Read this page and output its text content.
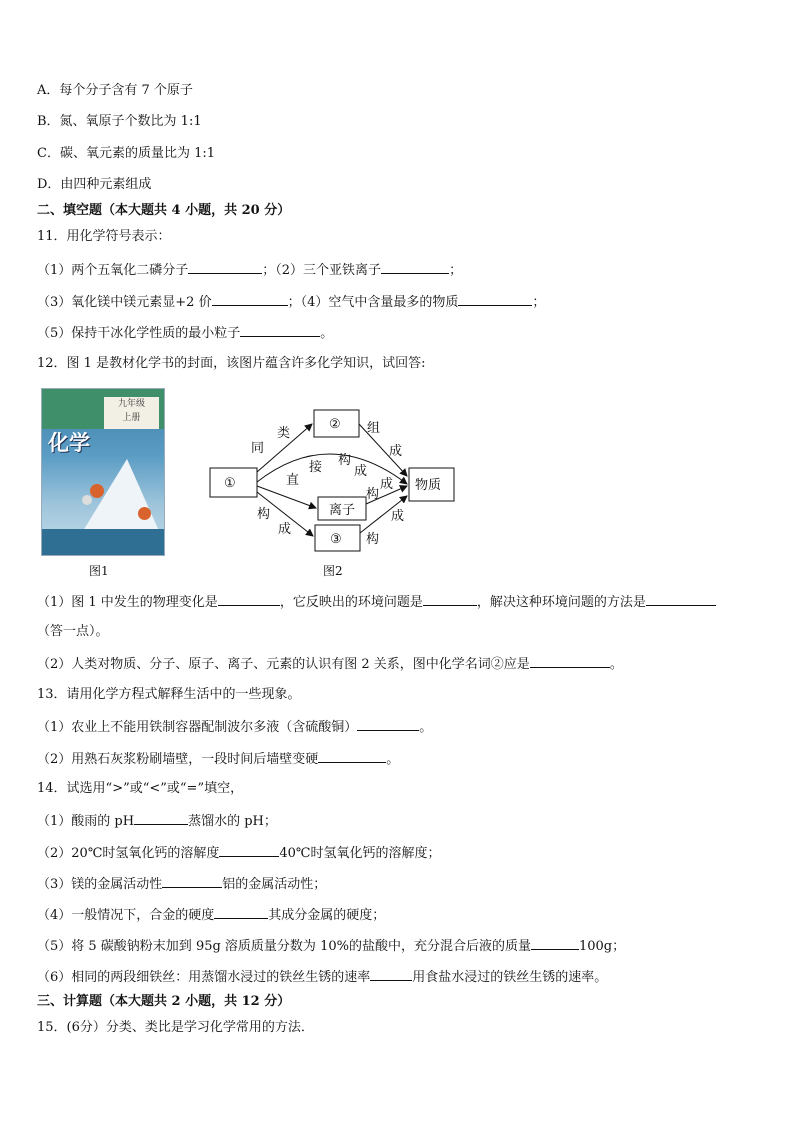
A．每个分子含有 7 个原子
B．氮、氧原子个数比为 1:1
C．碳、氧元素的质量比为 1:1
D．由四种元素组成
二、填空题（本大题共 4 小题，共 20 分）
11．用化学符号表示：
（1）两个五氧化二磷分子	；（2）三个亚铁离子	；
（3）氧化镁中镁元素显+2 价	；（4）空气中含量最多的物质	；
（5）保持干冰化学性质的最小粒子	。
12．图 1 是教材化学书的封面，该图片蕴含许多化学知识，试回答:
九年级
上册
化学
图1
①
②
离子
③
物质
同
类	组
成
直
接 构
成
构
成
构
成
成
构
图2
（1）图 1 中发生的物理变化是	，它反映出的环境问题是	，解决这种环境问题的方法是
（答一点）。
（2）人类对物质、分子、原子、离子、元素的认识有图 2 关系，图中化学名词②应是	。
13．请用化学方程式解释生活中的一些现象。
（1）农业上不能用铁制容器配制波尔多液（含硫酸铜）	。
（2）用熟石灰浆粉刷墙壁，一段时间后墙壁变硬	。
14．试选用“>”或“<”或“=”填空，
（1）酸雨的 pH	蒸馏水的 pH；
（2）20℃时氢氧化钙的溶解度	40℃时氢氧化钙的溶解度；
（3）镁的金属活动性	铝的金属活动性；
（4）一般情况下，合金的硬度	其成分金属的硬度；
（5）将 5 碳酸钠粉末加到 95g 溶质质量分数为 10%的盐酸中，充分混合后液的质量	100g；
（6）相同的两段细铁丝：用蒸馏水浸过的铁丝生锈的速率	用食盐水浸过的铁丝生锈的速率。
三、计算题（本大题共 2 小题，共 12 分）
15．(6分）分类、类比是学习化学常用的方法．
